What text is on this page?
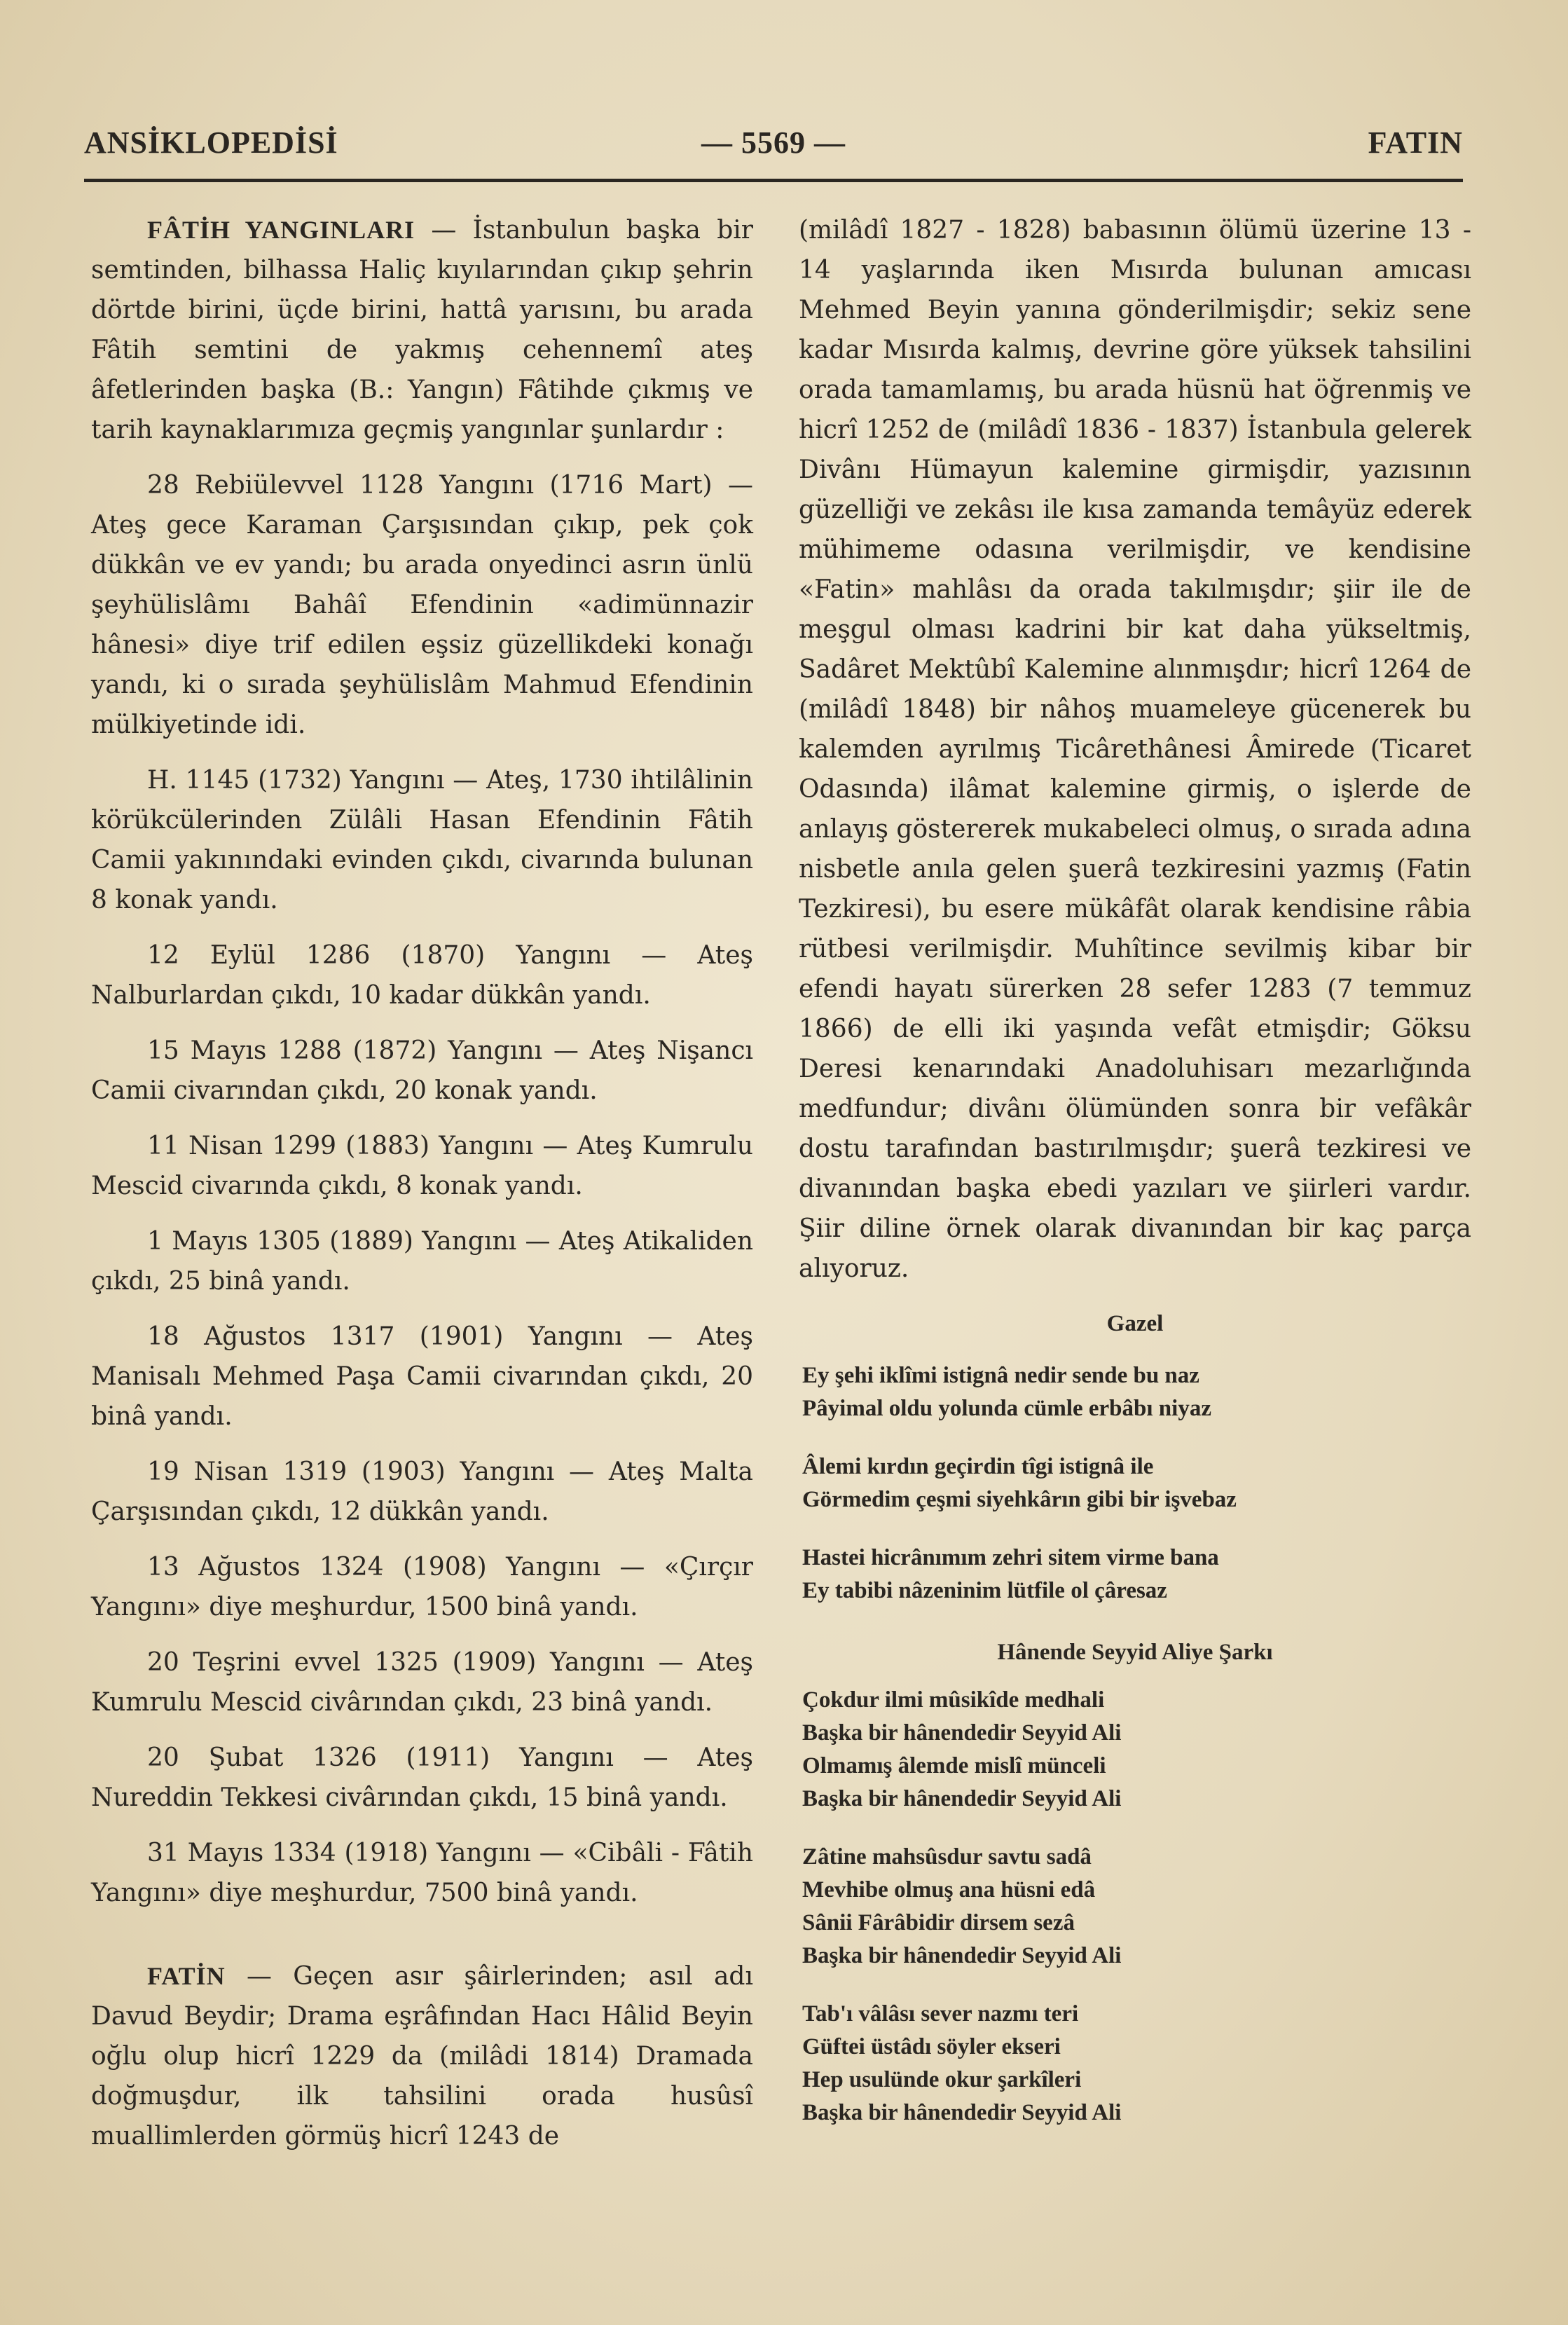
ANSİKLOPEDİSİ	— 5569 —	FATIN

FÂTİH YANGINLARI — İstanbulun başka bir semtinden, bilhassa Haliç kıyılarından çıkıp şehrin dörtde birini, üçde birini, hattâ yarısını, bu arada Fâtih semtini de yakmış cehennemî ateş âfetlerinden başka (B.: Yangın) Fâtihde çıkmış ve tarih kaynaklarımıza geçmiş yangınlar şunlardır :

28 Rebiülevvel 1128 Yangını (1716 Mart) — Ateş gece Karaman Çarşısından çıkıp, pek çok dükkân ve ev yandı; bu arada onyedinci asrın ünlü şeyhülislâmı Bahâî Efendinin «adimünnazir hânesi» diye trif edilen eşsiz güzellikdeki konağı yandı, ki o sırada şeyhülislâm Mahmud Efendinin mülkiyetinde idi.

H. 1145 (1732) Yangını — Ateş, 1730 ihtilâlinin körükcülerinden Zülâli Hasan Efendinin Fâtih Camii yakınındaki evinden çıkdı, civarında bulunan 8 konak yandı.

12 Eylül 1286 (1870) Yangını — Ateş Nalburlardan çıkdı, 10 kadar dükkân yandı.

15 Mayıs 1288 (1872) Yangını — Ateş Nişancı Camii civarından çıkdı, 20 konak yandı.

11 Nisan 1299 (1883) Yangını — Ateş Kumrulu Mescid civarında çıkdı, 8 konak yandı.

1 Mayıs 1305 (1889) Yangını — Ateş Atikaliden çıkdı, 25 binâ yandı.

18 Ağustos 1317 (1901) Yangını — Ateş Manisalı Mehmed Paşa Camii civarından çıkdı, 20 binâ yandı.

19 Nisan 1319 (1903) Yangını — Ateş Malta Çarşısından çıkdı, 12 dükkân yandı.

13 Ağustos 1324 (1908) Yangını — «Çırçır Yangını» diye meşhurdur, 1500 binâ yandı.

20 Teşrini evvel 1325 (1909) Yangını — Ateş Kumrulu Mescid civârından çıkdı, 23 binâ yandı.

20 Şubat 1326 (1911) Yangını — Ateş Nureddin Tekkesi civârından çıkdı, 15 binâ yandı.

31 Mayıs 1334 (1918) Yangını — «Cibâli - Fâtih Yangını» diye meşhurdur, 7500 binâ yandı.

FATİN — Geçen asır şâirlerinden; asıl adı Davud Beydir; Drama eşrâfından Hacı Hâlid Beyin oğlu olup hicrî 1229 da (milâdi 1814) Dramada doğmuşdur, ilk tahsilini orada husûsî muallimlerden görmüş hicrî 1243 de

(milâdî 1827 - 1828) babasının ölümü üzerine 13 - 14 yaşlarında iken Mısırda bulunan amıcası Mehmed Beyin yanına gönderilmişdir; sekiz sene kadar Mısırda kalmış, devrine göre yüksek tahsilini orada tamamlamış, bu arada hüsnü hat öğrenmiş ve hicrî 1252 de (milâdî 1836 - 1837) İstanbula gelerek Divânı Hümayun kalemine girmişdir, yazısının güzelliği ve zekâsı ile kısa zamanda temâyüz ederek mühimeme odasına verilmişdir, ve kendisine «Fatin» mahlâsı da orada takılmışdır; şiir ile de meşgul olması kadrini bir kat daha yükseltmiş, Sadâret Mektûbî Kalemine alınmışdır; hicrî 1264 de (milâdî 1848) bir nâhoş muameleye gücenerek bu kalemden ayrılmış Ticârethânesi Âmirede (Ticaret Odasında) ilâmat kalemine girmiş, o işlerde de anlayış göstererek mukabeleci olmuş, o sırada adına nisbetle anıla gelen şuerâ tezkiresini yazmış (Fatin Tezkiresi), bu esere mükâfât olarak kendisine râbia rütbesi verilmişdir. Muhîtince sevilmiş kibar bir efendi hayatı sürerken 28 sefer 1283 (7 temmuz 1866) de elli iki yaşında vefât etmişdir; Göksu Deresi kenarındaki Anadoluhisarı mezarlığında medfundur; divânı ölümünden sonra bir vefâkâr dostu tarafından bastırılmışdır; şuerâ tezkiresi ve divanından başka ebedi yazıları ve şiirleri vardır. Şiir diline örnek olarak divanından bir kaç parça alıyoruz.

Gazel
Ey şehi iklîmi istignâ nedir sende bu naz
Pâyimal oldu yolunda cümle erbâbı niyaz
Âlemi kırdın geçirdin tîgi istignâ ile
Görmedim çeşmi siyehkârın gibi bir işvebaz
Hastei hicrânımım zehri sitem virme bana
Ey tabibi nâzeninim lütfile ol çâresaz
Hânende Seyyid Aliye Şarkı
Çokdur ilmi mûsikîde medhali
Başka bir hânendedir Seyyid Ali
Olmamış âlemde mislî münceli
Başka bir hânendedir Seyyid Ali
Zâtine mahsûsdur savtu sadâ
Mevhibe olmuş ana hüsni edâ
Sânii Fârâbidir dirsem sezâ
Başka bir hânendedir Seyyid Ali
Tab'ı vâlâsı sever nazmı teri
Güftei üstâdı söyler ekseri
Hep usulünde okur şarkîleri
Başka bir hânendedir Seyyid Ali
